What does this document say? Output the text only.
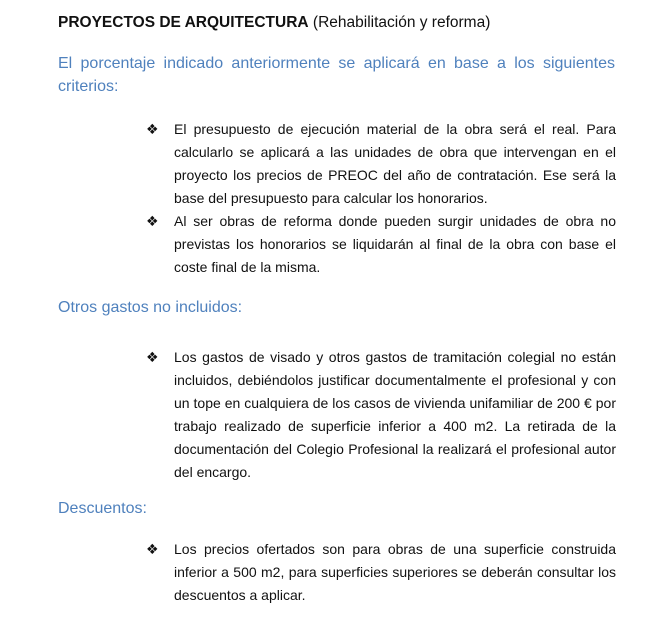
PROYECTOS DE ARQUITECTURA (Rehabilitación y reforma)
El porcentaje indicado anteriormente se aplicará en base a los siguientes criterios:
❖ El presupuesto de ejecución material de la obra será el real. Para calcularlo se aplicará a las unidades de obra que intervengan en el proyecto los precios de PREOC del año de contratación. Ese será la base del presupuesto para calcular los honorarios.
❖ Al ser obras de reforma donde pueden surgir unidades de obra no previstas los honorarios se liquidarán al final de la obra con base el coste final de la misma.
Otros gastos no incluidos:
❖ Los gastos de visado y otros gastos de tramitación colegial no están incluidos, debiéndolos justificar documentalmente el profesional y con un tope en cualquiera de los casos de vivienda unifamiliar de 200 € por trabajo realizado de superficie inferior a 400 m2. La retirada de la documentación del Colegio Profesional la realizará el profesional autor del encargo.
Descuentos:
❖ Los precios ofertados son para obras de una superficie construida inferior a 500 m2, para superficies superiores se deberán consultar los descuentos a aplicar.
